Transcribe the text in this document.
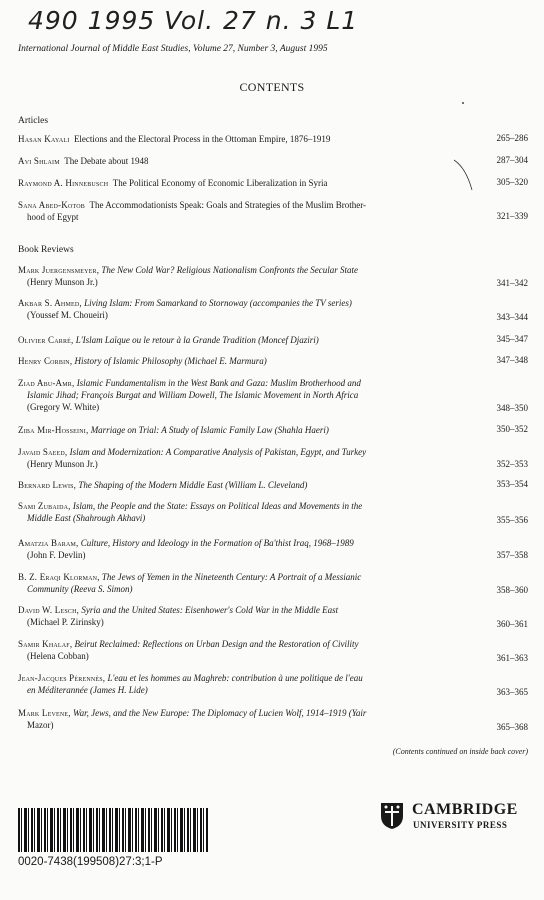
490 1995 Vol. 27 n. 3 L1
International Journal of Middle East Studies, Volume 27, Number 3, August 1995
CONTENTS
Articles
Hasan Kayalı Elections and the Electoral Process in the Ottoman Empire, 1876–1919	265–286
Avi Shlaim The Debate about 1948	287–304
Raymond A. Hinnebusch The Political Economy of Economic Liberalization in Syria	305–320
Sana Abed-Kotob The Accommodationists Speak: Goals and Strategies of the Muslim Brother-
hood of Egypt	321–339
Book Reviews
Mark Juergensmeyer, The New Cold War? Religious Nationalism Confronts the Secular State
(Henry Munson Jr.)	341–342
Akbar S. Ahmed, Living Islam: From Samarkand to Stornoway (accompanies the TV series)
(Youssef M. Choueiri)	343–344
Olivier Carré, L'Islam Laïque ou le retour à la Grande Tradition (Moncef Djaziri)	345–347
Henry Corbin, History of Islamic Philosophy (Michael E. Marmura)	347–348
Ziad Abu-Amr, Islamic Fundamentalism in the West Bank and Gaza: Muslim Brotherhood and
Islamic Jihad; François Burgat and William Dowell, The Islamic Movement in North Africa
(Gregory W. White)	348–350
Ziba Mir-Hosseini, Marriage on Trial: A Study of Islamic Family Law (Shahla Haeri)	350–352
Javaid Saeed, Islam and Modernization: A Comparative Analysis of Pakistan, Egypt, and Turkey
(Henry Munson Jr.)	352–353
Bernard Lewis, The Shaping of the Modern Middle East (William L. Cleveland)	353–354
Sami Zubaida, Islam, the People and the State: Essays on Political Ideas and Movements in the
Middle East (Shahrough Akhavi)	355–356
Amatzia Baram, Culture, History and Ideology in the Formation of Ba'thist Iraq, 1968–1989
(John F. Devlin)	357–358
B. Z. Eraqi Klorman, The Jews of Yemen in the Nineteenth Century: A Portrait of a Messianic
Community (Reeva S. Simon)	358–360
David W. Lesch, Syria and the United States: Eisenhower's Cold War in the Middle East
(Michael P. Zirinsky)	360–361
Samir Khalaf, Beirut Reclaimed: Reflections on Urban Design and the Restoration of Civility
(Helena Cobban)	361–363
Jean-Jacques Pérennès, L'eau et les hommes au Maghreb: contribution à une politique de l'eau
en Méditerannée (James H. Lide)	363–365
Mark Levene, War, Jews, and the New Europe: The Diplomacy of Lucien Wolf, 1914–1919 (Yair
Mazor)	365–368
(Contents continued on inside back cover)
0020-7438(199508)27:3;1-P
CAMBRIDGE
UNIVERSITY PRESS
